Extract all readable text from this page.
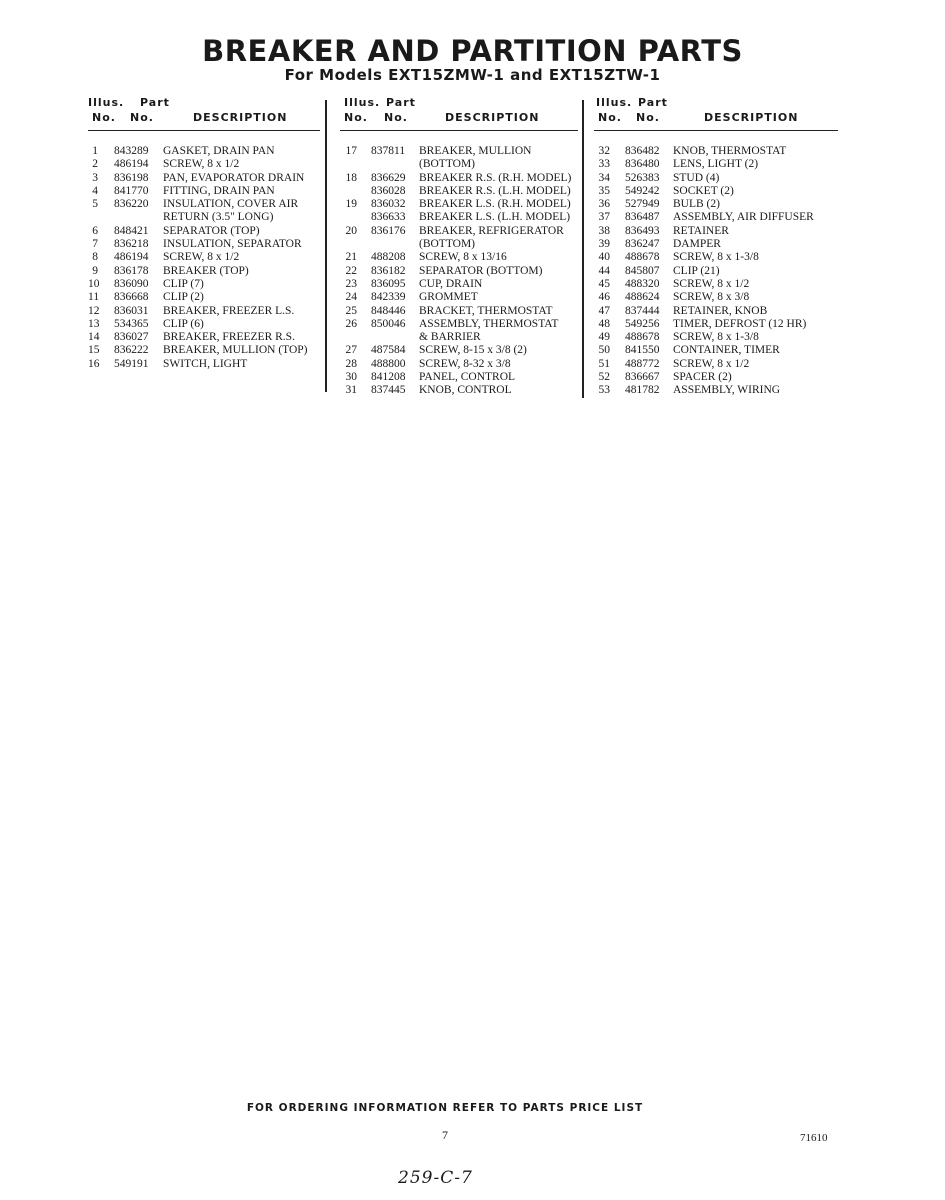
BREAKER AND PARTITION PARTS
For Models EXT15ZMW-1 and EXT15ZTW-1
Illus. Part
No. No.	DESCRIPTION
1 843289 GASKET, DRAIN PAN
2 486194 SCREW, 8 x 1/2
3 836198 PAN, EVAPORATOR DRAIN
4 841770 FITTING, DRAIN PAN
5 836220 INSULATION, COVER AIR
RETURN (3.5" LONG)
6 848421 SEPARATOR (TOP)
7 836218 INSULATION, SEPARATOR
8 486194 SCREW, 8 x 1/2
9 836178 BREAKER (TOP)
10 836090 CLIP (7)
11 836668 CLIP (2)
12 836031 BREAKER, FREEZER L.S.
13 534365 CLIP (6)
14 836027 BREAKER, FREEZER R.S.
15 836222 BREAKER, MULLION (TOP)
16 549191 SWITCH, LIGHT
Illus. Part
No. No.	DESCRIPTION
17 837811 BREAKER, MULLION
(BOTTOM)
18 836629 BREAKER R.S. (R.H. MODEL)
836028 BREAKER R.S. (L.H. MODEL)
19 836032 BREAKER L.S. (R.H. MODEL)
836633 BREAKER L.S. (L.H. MODEL)
20 836176 BREAKER, REFRIGERATOR
(BOTTOM)
21 488208 SCREW, 8 x 13/16
22 836182 SEPARATOR (BOTTOM)
23 836095 CUP, DRAIN
24 842339 GROMMET
25 848446 BRACKET, THERMOSTAT
26 850046 ASSEMBLY, THERMOSTAT
& BARRIER
27 487584 SCREW, 8-15 x 3/8 (2)
28 488800 SCREW, 8-32 x 3/8
30 841208 PANEL, CONTROL
31 837445 KNOB, CONTROL
Illus. Part
No. No.	DESCRIPTION
32 836482 KNOB, THERMOSTAT
33 836480 LENS, LIGHT (2)
34 526383 STUD (4)
35 549242 SOCKET (2)
36 527949 BULB (2)
37 836487 ASSEMBLY, AIR DIFFUSER
38 836493 RETAINER
39 836247 DAMPER
40 488678 SCREW, 8 x 1-3/8
44 845807 CLIP (21)
45 488320 SCREW, 8 x 1/2
46 488624 SCREW, 8 x 3/8
47 837444 RETAINER, KNOB
48 549256 TIMER, DEFROST (12 HR)
49 488678 SCREW, 8 x 1-3/8
50 841550 CONTAINER, TIMER
51 488772 SCREW, 8 x 1/2
52 836667 SPACER (2)
53 481782 ASSEMBLY, WIRING
FOR ORDERING INFORMATION REFER TO PARTS PRICE LIST
7	71610
259-C-7
